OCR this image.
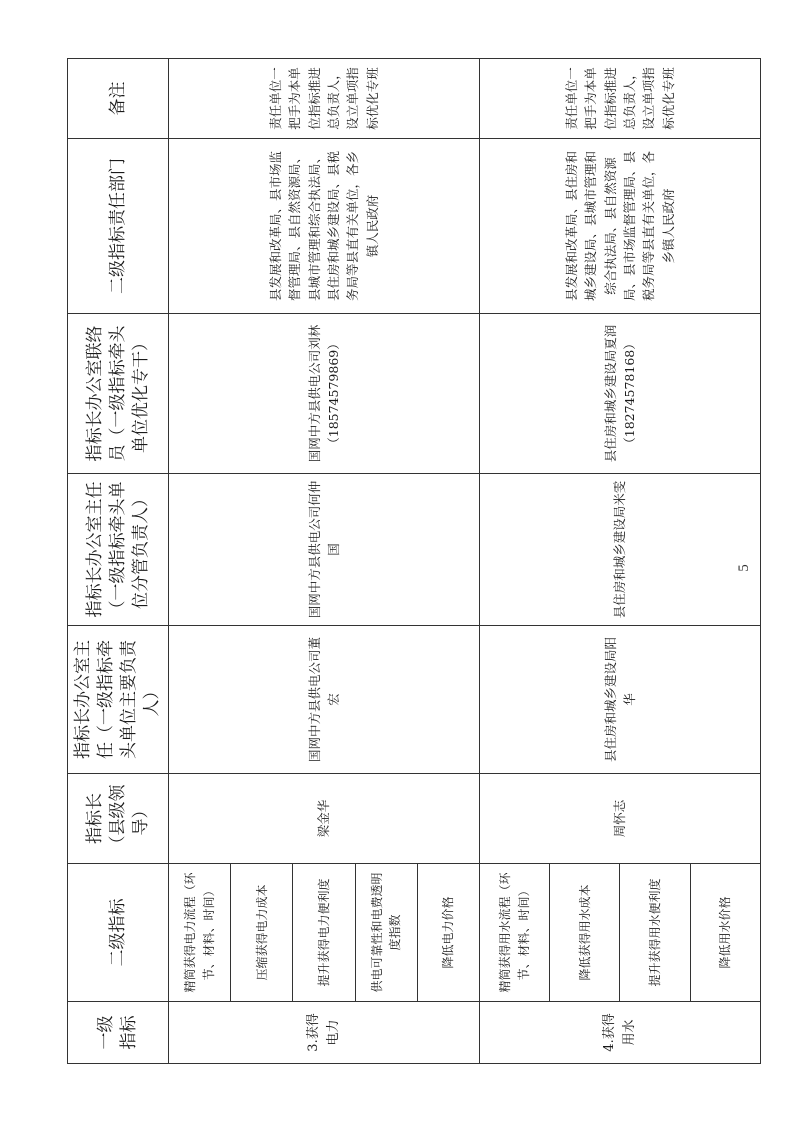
一级指标	二级指标	指标长（县级领导）	指标长办公室主任（一级指标牵头单位主要负责人）	指标长办公室主任（一级指标牵头单位分管负责人）	指标长办公室联络员（一级指标牵头单位优化专干）	二级指标责任部门	备注
3.获得电力	精简获得电力流程（环节、材料、时间）	梁金华	国网中方县供电公司董宏	国网中方县供电公司何仲国	国网中方县供电公司刘林（18574579869）	县发展和改革局、县市场监督管理局、县自然资源局、县城市管理和综合执法局、县住房和城乡建设局、县税务局等县直有关单位，各乡镇人民政府	责任单位一把手为本单位指标推进总负责人，设立单项指标优化专班
	压缩获得电力成本						
	提升获得电力便利度						
	供电可靠性和电费透明度指数						
	降低电力价格						
4.获得用水	精简获得用水流程（环节、材料、时间）	周怀志	县住房和城乡建设局阳华	县住房和城乡建设局米雯	县住房和城乡建设局夏润（18274578168）	县发展和改革局、县住房和城乡建设局、县城市管理和综合执法局、县自然资源局、县市场监督管理局、县税务局等县直有关单位，各乡镇人民政府	责任单位一把手为本单位指标推进总负责人，设立单项指标优化专班
	降低获得用水成本						
	提升获得用水便利度						
	降低用水价格						
5
